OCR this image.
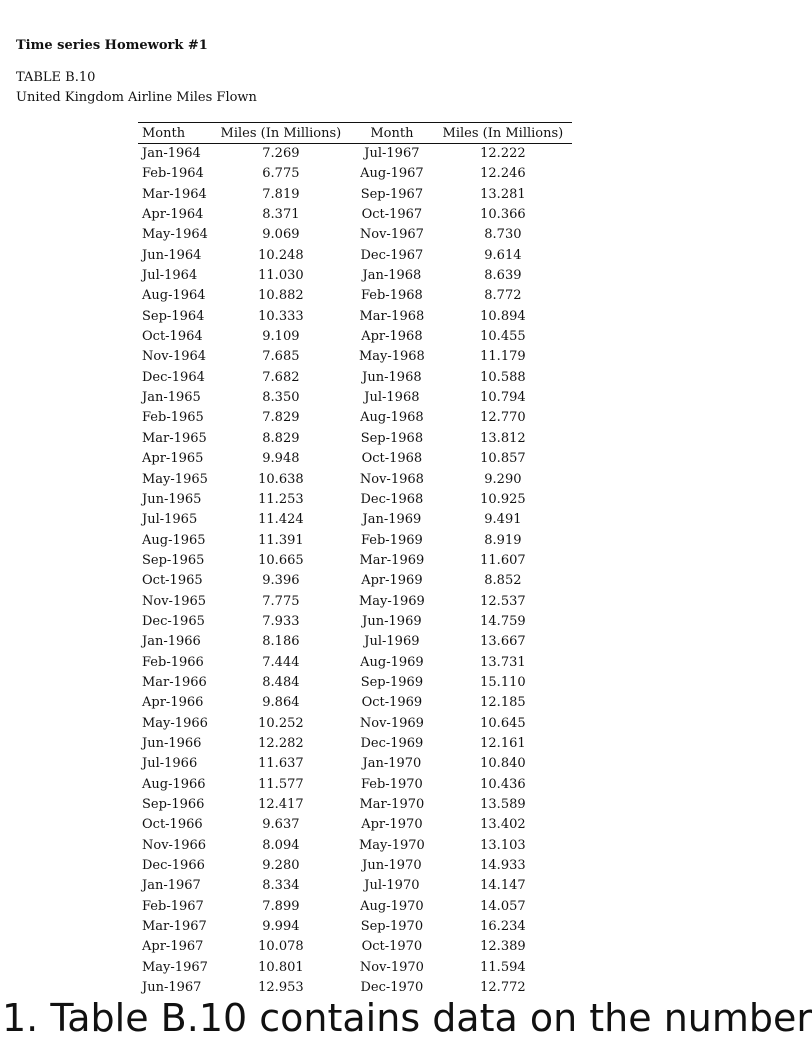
Time series Homework #1
TABLE B.10
United Kingdom Airline Miles Flown
Month	Miles (In Millions)	Month	Miles (In Millions)
Jan-1964	7.269	Jul-1967	12.222
Feb-1964	6.775	Aug-1967	12.246
Mar-1964	7.819	Sep-1967	13.281
Apr-1964	8.371	Oct-1967	10.366
May-1964	9.069	Nov-1967	8.730
Jun-1964	10.248	Dec-1967	9.614
Jul-1964	11.030	Jan-1968	8.639
Aug-1964	10.882	Feb-1968	8.772
Sep-1964	10.333	Mar-1968	10.894
Oct-1964	9.109	Apr-1968	10.455
Nov-1964	7.685	May-1968	11.179
Dec-1964	7.682	Jun-1968	10.588
Jan-1965	8.350	Jul-1968	10.794
Feb-1965	7.829	Aug-1968	12.770
Mar-1965	8.829	Sep-1968	13.812
Apr-1965	9.948	Oct-1968	10.857
May-1965	10.638	Nov-1968	9.290
Jun-1965	11.253	Dec-1968	10.925
Jul-1965	11.424	Jan-1969	9.491
Aug-1965	11.391	Feb-1969	8.919
Sep-1965	10.665	Mar-1969	11.607
Oct-1965	9.396	Apr-1969	8.852
Nov-1965	7.775	May-1969	12.537
Dec-1965	7.933	Jun-1969	14.759
Jan-1966	8.186	Jul-1969	13.667
Feb-1966	7.444	Aug-1969	13.731
Mar-1966	8.484	Sep-1969	15.110
Apr-1966	9.864	Oct-1969	12.185
May-1966	10.252	Nov-1969	10.645
Jun-1966	12.282	Dec-1969	12.161
Jul-1966	11.637	Jan-1970	10.840
Aug-1966	11.577	Feb-1970	10.436
Sep-1966	12.417	Mar-1970	13.589
Oct-1966	9.637	Apr-1970	13.402
Nov-1966	8.094	May-1970	13.103
Dec-1966	9.280	Jun-1970	14.933
Jan-1967	8.334	Jul-1970	14.147
Feb-1967	7.899	Aug-1970	14.057
Mar-1967	9.994	Sep-1970	16.234
Apr-1967	10.078	Oct-1970	12.389
May-1967	10.801	Nov-1970	11.594
Jun-1967	12.953	Dec-1970	12.772
1. Table B.10 contains data on the number
